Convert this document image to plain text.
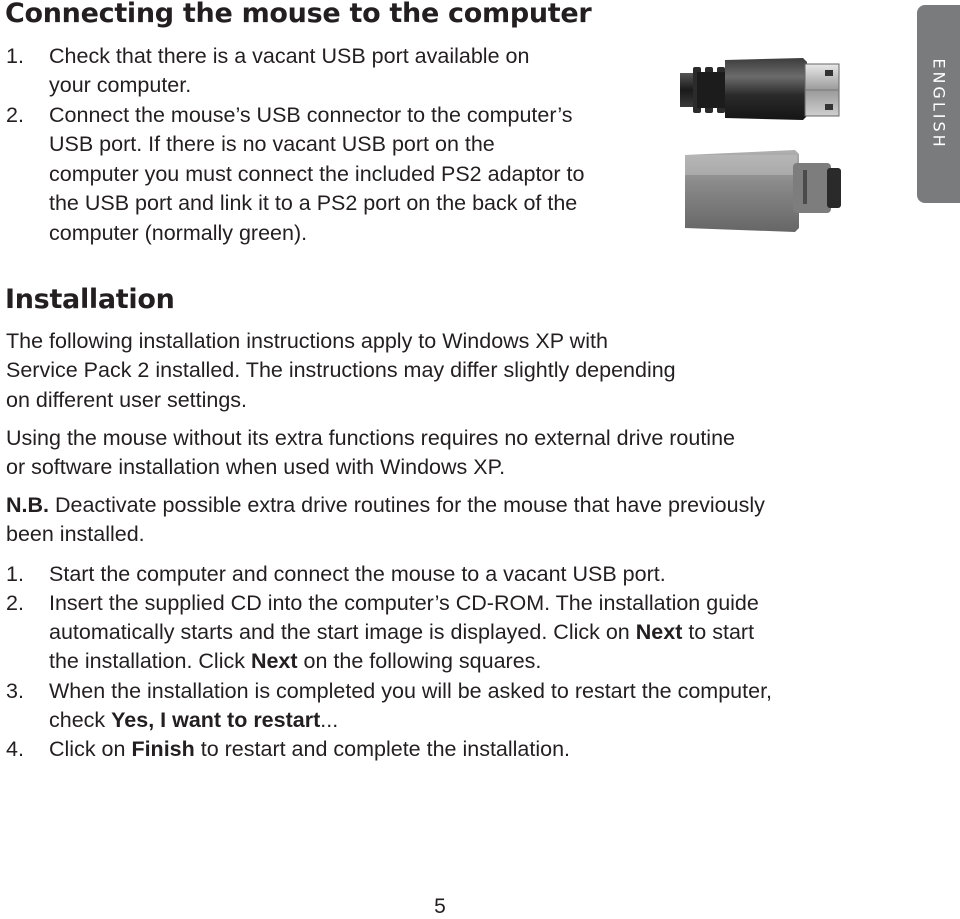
Connecting the mouse to the computer
1. Check that there is a vacant USB port available on
your computer.
2. Connect the mouse’s USB connector to the computer’s
USB port. If there is no vacant USB port on the
computer you must connect the included PS2 adaptor to
the USB port and link it to a PS2 port on the back of the
computer (normally green).
ENGLISH
Installation
The following installation instructions apply to Windows XP with
Service Pack 2 installed. The instructions may differ slightly depending
on different user settings.
Using the mouse without its extra functions requires no external drive routine
or software installation when used with Windows XP.
N.B. Deactivate possible extra drive routines for the mouse that have previously
been installed.
1. Start the computer and connect the mouse to a vacant USB port.
2. Insert the supplied CD into the computer’s CD-ROM. The installation guide
automatically starts and the start image is displayed. Click on Next to start
the installation. Click Next on the following squares.
3. When the installation is completed you will be asked to restart the computer,
check Yes, I want to restart...
4. Click on Finish to restart and complete the installation.
5
